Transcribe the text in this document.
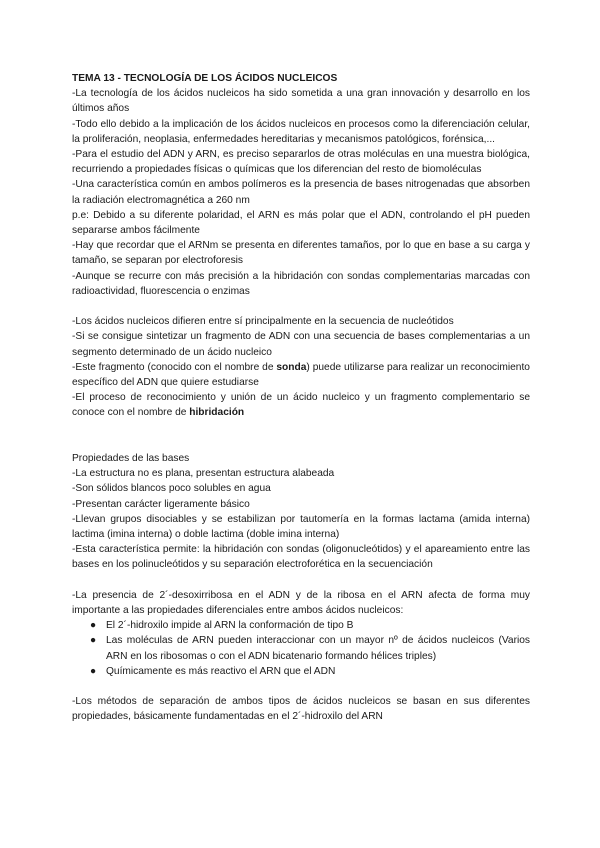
TEMA 13 - TECNOLOGÍA DE LOS ÁCIDOS NUCLEICOS

-La tecnología de los ácidos nucleicos ha sido sometida a una gran innovación y desarrollo en los últimos años

-Todo ello debido a la implicación de los ácidos nucleicos en procesos como la diferenciación celular, la proliferación, neoplasia, enfermedades hereditarias y mecanismos patológicos, forénsica,...

-Para el estudio del ADN y ARN, es preciso separarlos de otras moléculas en una muestra biológica, recurriendo a propiedades físicas o químicas que los diferencian del resto de biomoléculas

-Una característica común en ambos polímeros es la presencia de bases nitrogenadas que absorben la radiación electromagnética a 260 nm

p.e: Debido a su diferente polaridad, el ARN es más polar que el ADN, controlando el pH pueden separarse ambos fácilmente

-Hay que recordar que el ARNm se presenta en diferentes tamaños, por lo que en base a su carga y tamaño, se separan por electroforesis

-Aunque se recurre con más precisión a la hibridación con sondas complementarias marcadas con radioactividad, fluorescencia o enzimas

-Los ácidos nucleicos difieren entre sí principalmente en la secuencia de nucleótidos

-Si se consigue sintetizar un fragmento de ADN con una secuencia de bases complementarias a un segmento determinado de un ácido nucleico

-Este fragmento (conocido con el nombre de sonda) puede utilizarse para realizar un reconocimiento específico del ADN que quiere estudiarse

-El proceso de reconocimiento y unión de un ácido nucleico y un fragmento complementario se conoce con el nombre de hibridación

Propiedades de las bases

-La estructura no es plana, presentan estructura alabeada

-Son sólidos blancos poco solubles en agua

-Presentan carácter ligeramente básico

-Llevan grupos disociables y se estabilizan por tautomería en la formas lactama (amida interna) lactima (imina interna) o doble lactima (doble imina interna)

-Esta característica permite: la hibridación con sondas (oligonucleótidos) y el apareamiento entre las bases en los polinucleótidos y su separación electroforética en la secuenciación

-La presencia de 2´-desoxirribosa en el ADN y de la ribosa en el ARN afecta de forma muy importante a las propiedades diferenciales entre ambos ácidos nucleicos:

● El 2´-hidroxilo impide al ARN la conformación de tipo B
● Las moléculas de ARN pueden interaccionar con un mayor nº de ácidos nucleicos (Varios ARN en los ribosomas o con el ADN bicatenario formando hélices triples)
● Químicamente es más reactivo el ARN que el ADN

-Los métodos de separación de ambos tipos de ácidos nucleicos se basan en sus diferentes propiedades, básicamente fundamentadas en el 2´-hidroxilo del ARN
